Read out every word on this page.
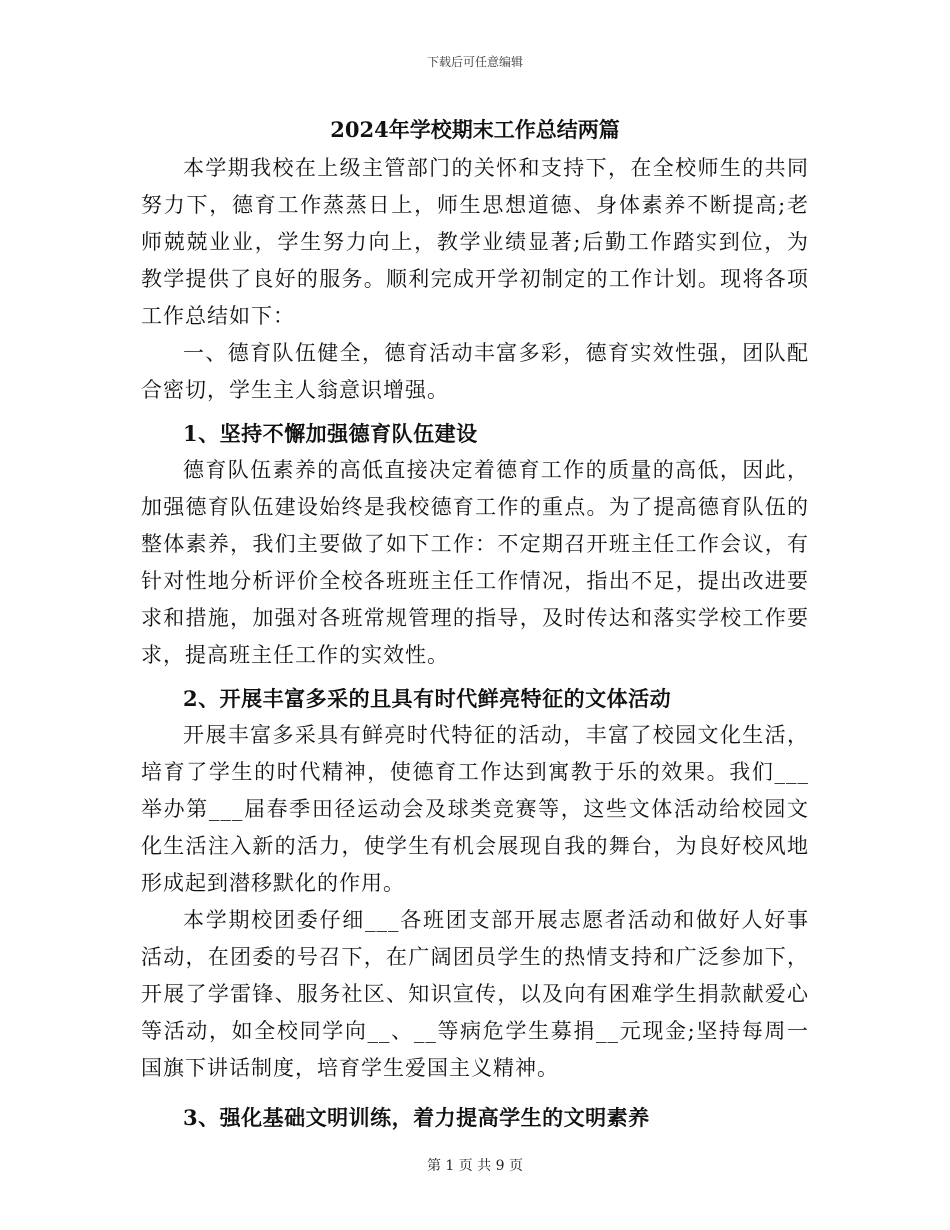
下载后可任意编辑
2024年学校期末工作总结两篇

本学期我校在上级主管部门的关怀和支持下，在全校师生的共同努力下，德育工作蒸蒸日上，师生思想道德、身体素养不断提高;老师兢兢业业，学生努力向上，教学业绩显著;后勤工作踏实到位，为教学提供了良好的服务。顺利完成开学初制定的工作计划。现将各项工作总结如下：

一、德育队伍健全，德育活动丰富多彩，德育实效性强，团队配合密切，学生主人翁意识增强。

1、坚持不懈加强德育队伍建设

德育队伍素养的高低直接决定着德育工作的质量的高低，因此，加强德育队伍建设始终是我校德育工作的重点。为了提高德育队伍的整体素养，我们主要做了如下工作：不定期召开班主任工作会议，有针对性地分析评价全校各班班主任工作情况，指出不足，提出改进要求和措施，加强对各班常规管理的指导，及时传达和落实学校工作要求，提高班主任工作的实效性。

2、开展丰富多采的且具有时代鲜亮特征的文体活动

开展丰富多采具有鲜亮时代特征的活动，丰富了校园文化生活，培育了学生的时代精神，使德育工作达到寓教于乐的效果。我们___举办第___届春季田径运动会及球类竞赛等，这些文体活动给校园文化生活注入新的活力，使学生有机会展现自我的舞台，为良好校风地形成起到潜移默化的作用。

本学期校团委仔细___各班团支部开展志愿者活动和做好人好事活动，在团委的号召下，在广阔团员学生的热情支持和广泛参加下，开展了学雷锋、服务社区、知识宣传，以及向有困难学生捐款献爱心等活动，如全校同学向__、__等病危学生募捐__元现金;坚持每周一国旗下讲话制度，培育学生爱国主义精神。

3、强化基础文明训练，着力提高学生的文明素养

第 1 页 共 9 页
